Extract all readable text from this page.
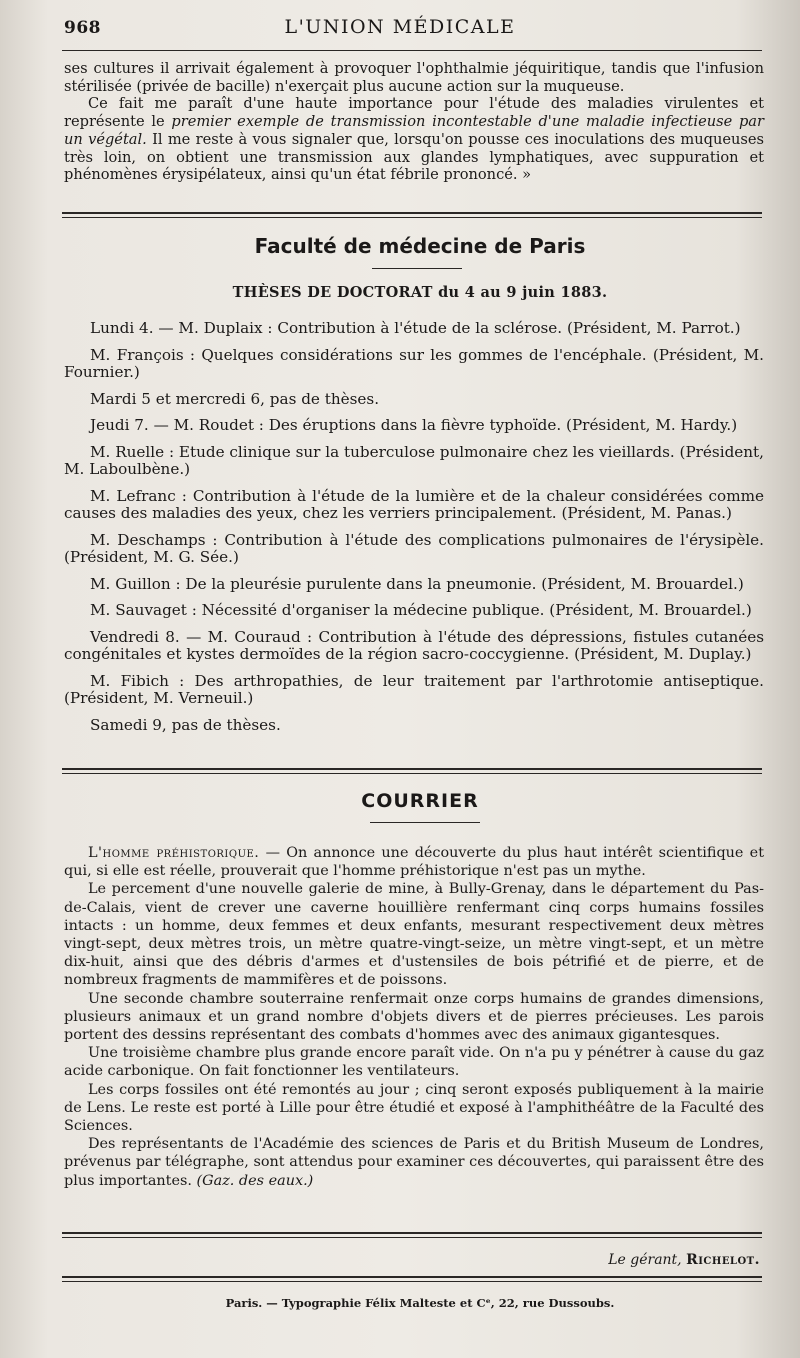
968	L'UNION MÉDICALE

ses cultures il arrivait également à provoquer l'ophthalmie jéquiritique, tandis que l'infusion stérilisée (privée de bacille) n'exerçait plus aucune action sur la muqueuse.

Ce fait me paraît d'une haute importance pour l'étude des maladies virulentes et représente le premier exemple de transmission incontestable d'une maladie infectieuse par un végétal. Il me reste à vous signaler que, lorsqu'on pousse ces inoculations des muqueuses très loin, on obtient une transmission aux glandes lymphatiques, avec suppuration et phénomènes érysipélateux, ainsi qu'un état fébrile prononcé. »

Faculté de médecine de Paris
THÈSES DE DOCTORAT du 4 au 9 juin 1883.

Lundi 4. — M. Duplaix : Contribution à l'étude de la sclérose. (Président, M. Parrot.)

M. François : Quelques considérations sur les gommes de l'encéphale. (Président, M. Fournier.)

Mardi 5 et mercredi 6, pas de thèses.

Jeudi 7. — M. Roudet : Des éruptions dans la fièvre typhoïde. (Président, M. Hardy.)

M. Ruelle : Etude clinique sur la tuberculose pulmonaire chez les vieillards. (Président, M. Laboulbène.)

M. Lefranc : Contribution à l'étude de la lumière et de la chaleur considérées comme causes des maladies des yeux, chez les verriers principalement. (Président, M. Panas.)

M. Deschamps : Contribution à l'étude des complications pulmonaires de l'érysipèle. (Président, M. G. Sée.)

M. Guillon : De la pleurésie purulente dans la pneumonie. (Président, M. Brouardel.)

M. Sauvaget : Nécessité d'organiser la médecine publique. (Président, M. Brouardel.)

Vendredi 8. — M. Couraud : Contribution à l'étude des dépressions, fistules cutanées congénitales et kystes dermoïdes de la région sacro-coccygienne. (Président, M. Duplay.)

M. Fibich : Des arthropathies, de leur traitement par l'arthrotomie antiseptique. (Président, M. Verneuil.)

Samedi 9, pas de thèses.

COURRIER

L'homme préhistorique. — On annonce une découverte du plus haut intérêt scientifique et qui, si elle est réelle, prouverait que l'homme préhistorique n'est pas un mythe.

Le percement d'une nouvelle galerie de mine, à Bully-Grenay, dans le département du Pas-de-Calais, vient de crever une caverne houillière renfermant cinq corps humains fossiles intacts : un homme, deux femmes et deux enfants, mesurant respectivement deux mètres vingt-sept, deux mètres trois, un mètre quatre-vingt-seize, un mètre vingt-sept, et un mètre dix-huit, ainsi que des débris d'armes et d'ustensiles de bois pétrifié et de pierre, et de nombreux fragments de mammifères et de poissons.

Une seconde chambre souterraine renfermait onze corps humains de grandes dimensions, plusieurs animaux et un grand nombre d'objets divers et de pierres précieuses. Les parois portent des dessins représentant des combats d'hommes avec des animaux gigantesques.

Une troisième chambre plus grande encore paraît vide. On n'a pu y pénétrer à cause du gaz acide carbonique. On fait fonctionner les ventilateurs.

Les corps fossiles ont été remontés au jour ; cinq seront exposés publiquement à la mairie de Lens. Le reste est porté à Lille pour être étudié et exposé à l'amphithéâtre de la Faculté des Sciences.

Des représentants de l'Académie des sciences de Paris et du British Museum de Londres, prévenus par télégraphe, sont attendus pour examiner ces découvertes, qui paraissent être des plus importantes. (Gaz. des eaux.)

Le gérant, Richelot.
Paris. — Typographie Félix Malteste et Cᵉ, 22, rue Dussoubs.
